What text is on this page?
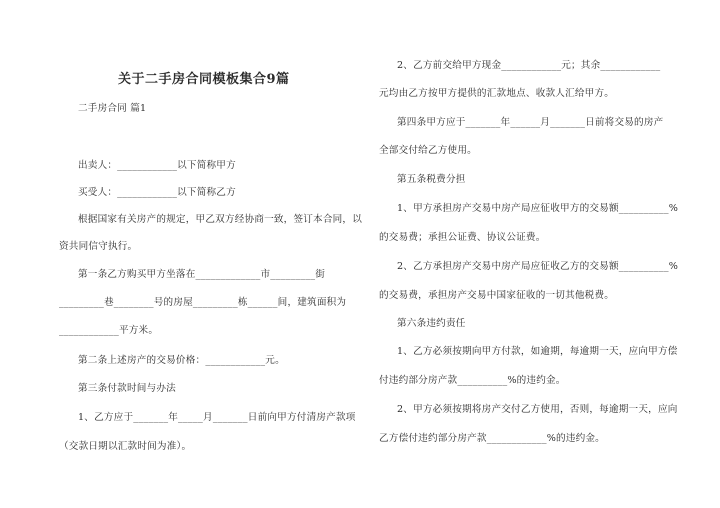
关于二手房合同模板集合9篇
二手房合同 篇1
出卖人：____________以下简称甲方
买受人：____________以下简称乙方
根据国家有关房产的规定，甲乙双方经协商一致，签订本合同，以
资共同信守执行。
第一条乙方购买甲方坐落在_____________市_________街
_________巷________号的房屋_________栋______间，建筑面积为
____________平方米。
第二条上述房产的交易价格：____________元。
第三条付款时间与办法
1、乙方应于_______年_____月_______日前向甲方付清房产款项
（交款日期以汇款时间为准）。
2、乙方前交给甲方现金____________元；其余____________
元均由乙方按甲方提供的汇款地点、收款人汇给甲方。
第四条甲方应于_______年______月_______日前将交易的房产
全部交付给乙方使用。
第五条税费分担
1、甲方承担房产交易中房产局应征收甲方的交易额__________%
的交易费；承担公证费、协议公证费。
2、乙方承担房产交易中房产局应征收乙方的交易额__________%
的交易费，承担房产交易中国家征收的一切其他税费。
第六条违约责任
1、乙方必须按期向甲方付款，如逾期，每逾期一天，应向甲方偿
付违约部分房产款__________%的违约金。
2、甲方必须按期将房产交付乙方使用，否则，每逾期一天，应向
乙方偿付违约部分房产款____________%的违约金。
